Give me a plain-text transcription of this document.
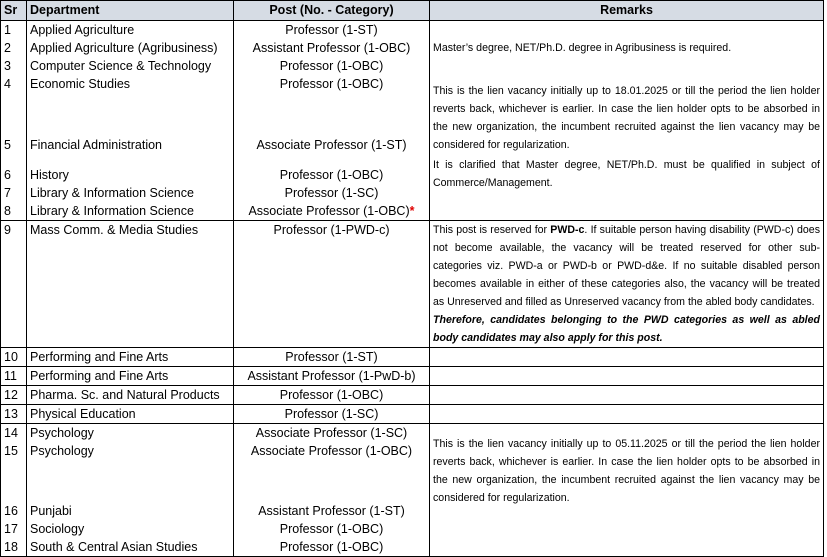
Sr	Department	Post (No. - Category)	Remarks
1	Applied Agriculture	Professor (1-ST)	Master’s degree, NET/Ph.D. degree in Agribusiness is required.

This is the lien vacancy initially up to 18.01.2025 or till the period the lien holder reverts back, whichever is earlier. In case the lien holder opts to be absorbed in the new organization, the incumbent recruited against the lien vacancy may be considered for regularization.

It is clarified that Master degree, NET/Ph.D. must be qualified in subject of Commerce/Management.

2	Applied Agriculture (Agribusiness)	Assistant Professor (1-OBC)	
3	Computer Science & Technology	Professor (1-OBC)	
4	Economic Studies	Professor (1-OBC)	
5	Financial Administration	Associate Professor (1-ST)	
6	History	Professor (1-OBC)	
7	Library & Information Science	Professor (1-SC)	
8	Library & Information Science	Associate Professor (1-OBC)*	
9	Mass Comm. & Media Studies	Professor (1-PWD-c)	This post is reserved for PWD-c. If suitable person having disability (PWD-c) does not become available, the vacancy will be treated reserved for other sub-categories viz. PWD-a or PWD-b or PWD-d&e. If no suitable disabled person becomes available in either of these categories also, the vacancy will be treated as Unreserved and filled as Unreserved vacancy from the abled body candidates.

Therefore, candidates belonging to the PWD categories as well as abled body candidates may also apply for this post.

10	Performing and Fine Arts	Professor (1-ST)	
11	Performing and Fine Arts	Assistant Professor (1-PwD-b)	
12	Pharma. Sc. and Natural Products	Professor (1-OBC)	
13	Physical Education	Professor (1-SC)	
14	Psychology	Associate Professor (1-SC)	This is the lien vacancy initially up to 05.11.2025 or till the period the lien holder reverts back, whichever is earlier. In case the lien holder opts to be absorbed in the new organization, the incumbent recruited against the lien vacancy may be considered for regularization.

15	Psychology	Associate Professor (1-OBC)	
16	Punjabi	Assistant Professor (1-ST)	
17	Sociology	Professor (1-OBC)	
18	South & Central Asian Studies	Professor (1-OBC)	
